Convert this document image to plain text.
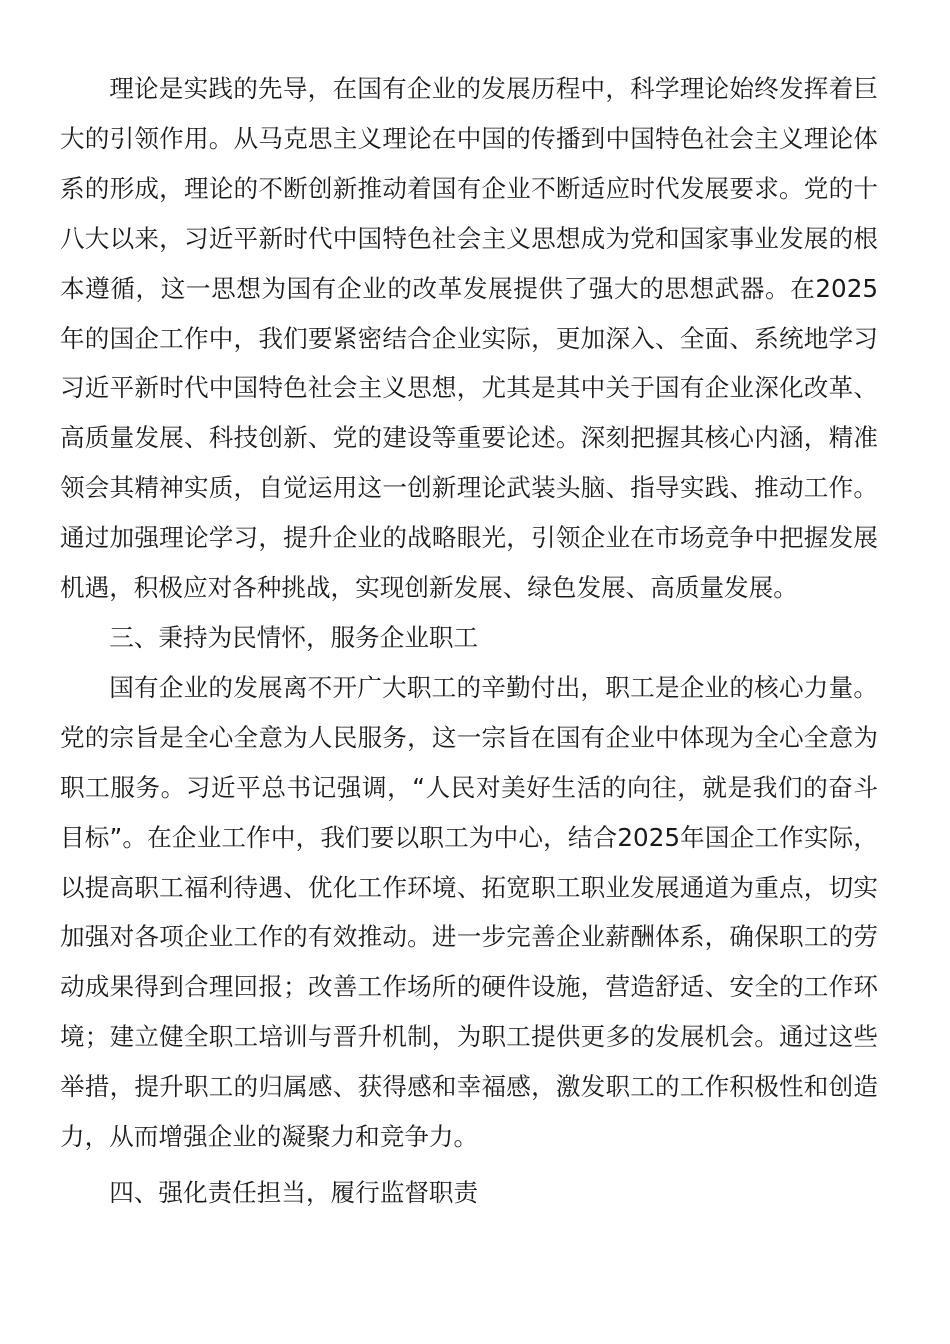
理论是实践的先导，在国有企业的发展历程中，科学理论始终发挥着巨大的引领作用。从马克思主义理论在中国的传播到中国特色社会主义理论体系的形成，理论的不断创新推动着国有企业不断适应时代发展要求。党的十八大以来，习近平新时代中国特色社会主义思想成为党和国家事业发展的根本遵循，这一思想为国有企业的改革发展提供了强大的思想武器。在2025年的国企工作中，我们要紧密结合企业实际，更加深入、全面、系统地学习习近平新时代中国特色社会主义思想，尤其是其中关于国有企业深化改革、高质量发展、科技创新、党的建设等重要论述。深刻把握其核心内涵，精准领会其精神实质，自觉运用这一创新理论武装头脑、指导实践、推动工作。通过加强理论学习，提升企业的战略眼光，引领企业在市场竞争中把握发展机遇，积极应对各种挑战，实现创新发展、绿色发展、高质量发展。

三、秉持为民情怀，服务企业职工

国有企业的发展离不开广大职工的辛勤付出，职工是企业的核心力量。党的宗旨是全心全意为人民服务，这一宗旨在国有企业中体现为全心全意为职工服务。习近平总书记强调，“人民对美好生活的向往，就是我们的奋斗目标”。在企业工作中，我们要以职工为中心，结合2025年国企工作实际，以提高职工福利待遇、优化工作环境、拓宽职工职业发展通道为重点，切实加强对各项企业工作的有效推动。进一步完善企业薪酬体系，确保职工的劳动成果得到合理回报；改善工作场所的硬件设施，营造舒适、安全的工作环境；建立健全职工培训与晋升机制，为职工提供更多的发展机会。通过这些举措，提升职工的归属感、获得感和幸福感，激发职工的工作积极性和创造力，从而增强企业的凝聚力和竞争力。

四、强化责任担当，履行监督职责
